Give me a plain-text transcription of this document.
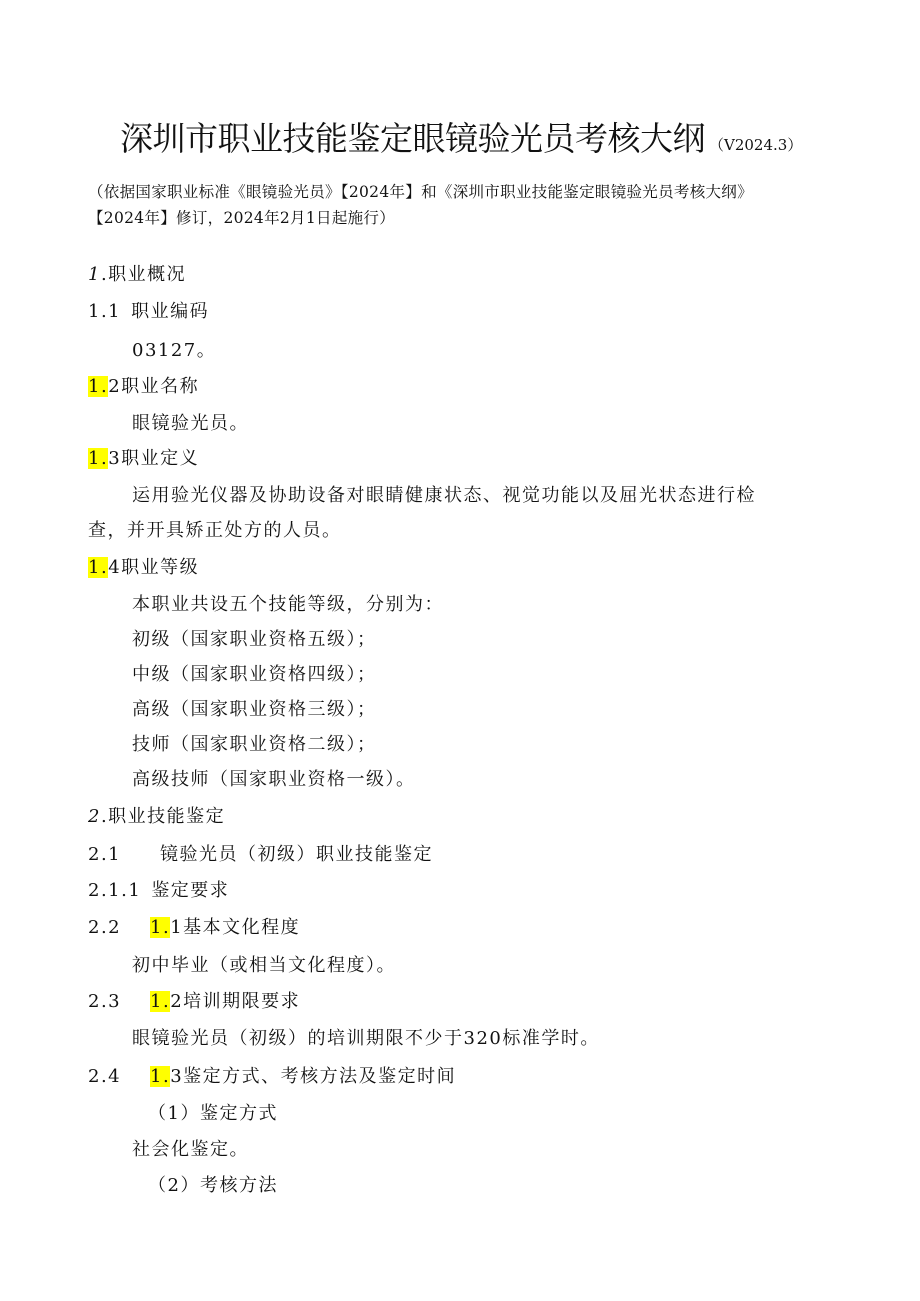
深圳市职业技能鉴定眼镜验光员考核大纲 （V2024.3）
（依据国家职业标准《眼镜验光员》【2024年】和《深圳市职业技能鉴定眼镜验光员考核大纲》
【2024年】修订，2024年2月1日起施行）
1.职业概况
1.1 职业编码
03127。
1.2职业名称
眼镜验光员。
1.3职业定义
运用验光仪器及协助设备对眼睛健康状态、视觉功能以及屈光状态进行检
查，并开具矫正处方的人员。
1.4职业等级
本职业共设五个技能等级，分别为：
初级（国家职业资格五级）；
中级（国家职业资格四级）；
高级（国家职业资格三级）；
技师（国家职业资格二级）；
高级技师（国家职业资格一级）。
2.职业技能鉴定
2.1 镜验光员（初级）职业技能鉴定
2.1.1 鉴定要求
2.2 1.1基本文化程度
初中毕业（或相当文化程度）。
2.3 1.2培训期限要求
眼镜验光员（初级）的培训期限不少于320标准学时。
2.4 1.3鉴定方式、考核方法及鉴定时间
（1）鉴定方式
社会化鉴定。
（2）考核方法
